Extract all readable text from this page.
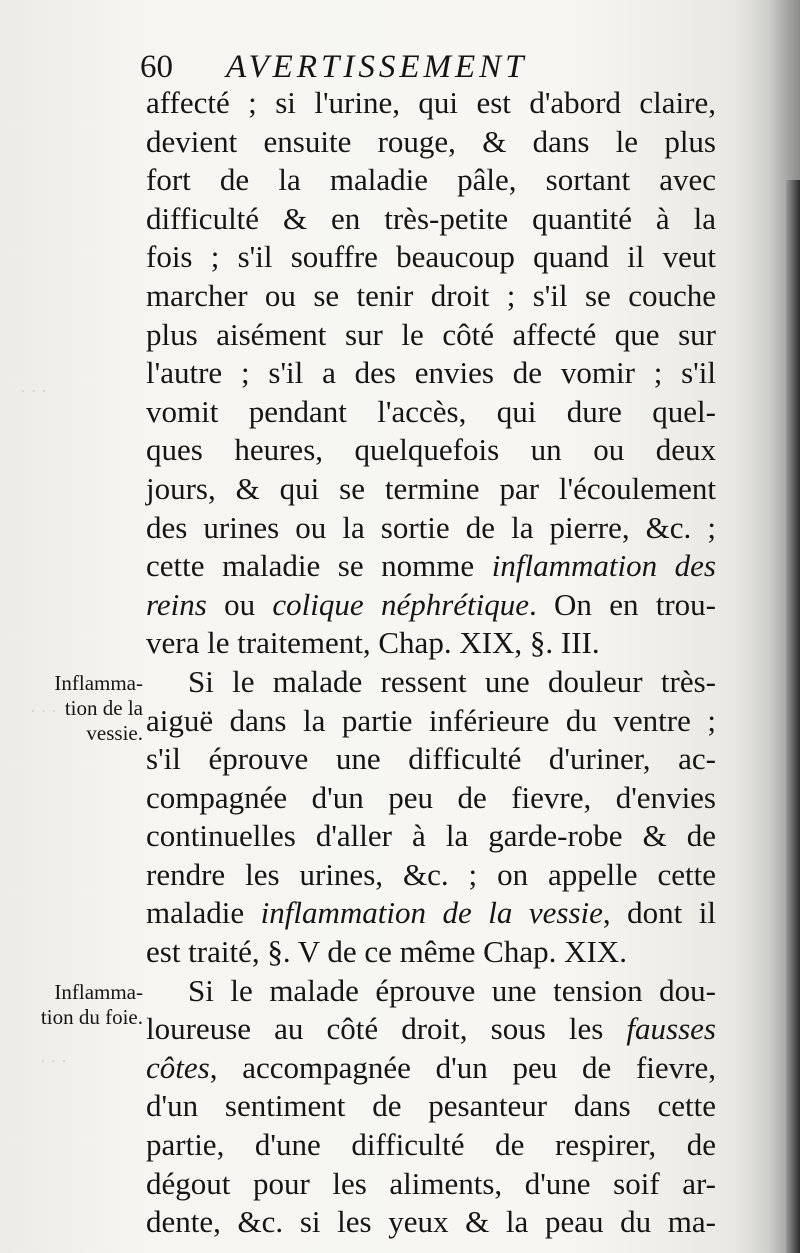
· · ·
· · ·
· · ·
60 AVERTISSEMENT
affecté ; si l'urine, qui est d'abord claire,
devient ensuite rouge, & dans le plus
fort de la maladie pâle, sortant avec
difficulté & en très-petite quantité à la
fois ; s'il souffre beaucoup quand il veut
marcher ou se tenir droit ; s'il se couche
plus aisément sur le côté affecté que sur
l'autre ; s'il a des envies de vomir ; s'il
vomit pendant l'accès, qui dure quel-
ques heures, quelquefois un ou deux
jours, & qui se termine par l'écoulement
des urines ou la sortie de la pierre, &c. ;
cette maladie se nomme inflammation des
reins ou colique néphrétique. On en trou-
vera le traitement, Chap. XIX, §. III.
Si le malade ressent une douleur très-
aiguë dans la partie inférieure du ventre ;
s'il éprouve une difficulté d'uriner, ac-
compagnée d'un peu de fievre, d'envies
continuelles d'aller à la garde-robe & de
rendre les urines, &c. ; on appelle cette
maladie inflammation de la vessie, dont il
est traité, §. V de ce même Chap. XIX.
Si le malade éprouve une tension dou-
loureuse au côté droit, sous les fausses
côtes, accompagnée d'un peu de fievre,
d'un sentiment de pesanteur dans cette
partie, d'une difficulté de respirer, de
dégout pour les aliments, d'une soif ar-
dente, &c. si les yeux & la peau du ma-
Inflamma-
tion de la
vessie.
Inflamma-
tion du foie.
